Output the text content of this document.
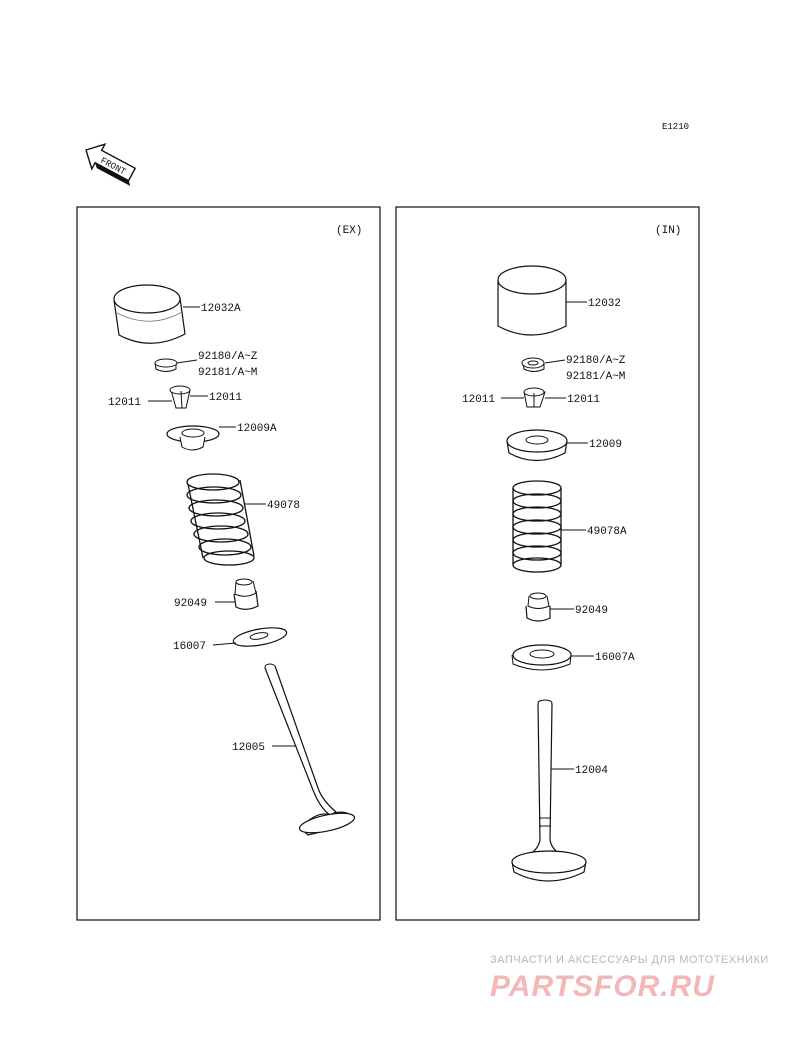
E1210
FRONT
(EX)
12032A
92180/A~Z
92181/A~M
12011	12011
12009A
49078
92049
16007
12005
(IN)
12032
92180/A~Z
92181/A~M
12011	12011
12009
49078A
92049
16007A
12004
ЗАПЧАСТИ И АКСЕССУАРЫ ДЛЯ МОТОТЕХНИКИ
PARTSFOR.RU
